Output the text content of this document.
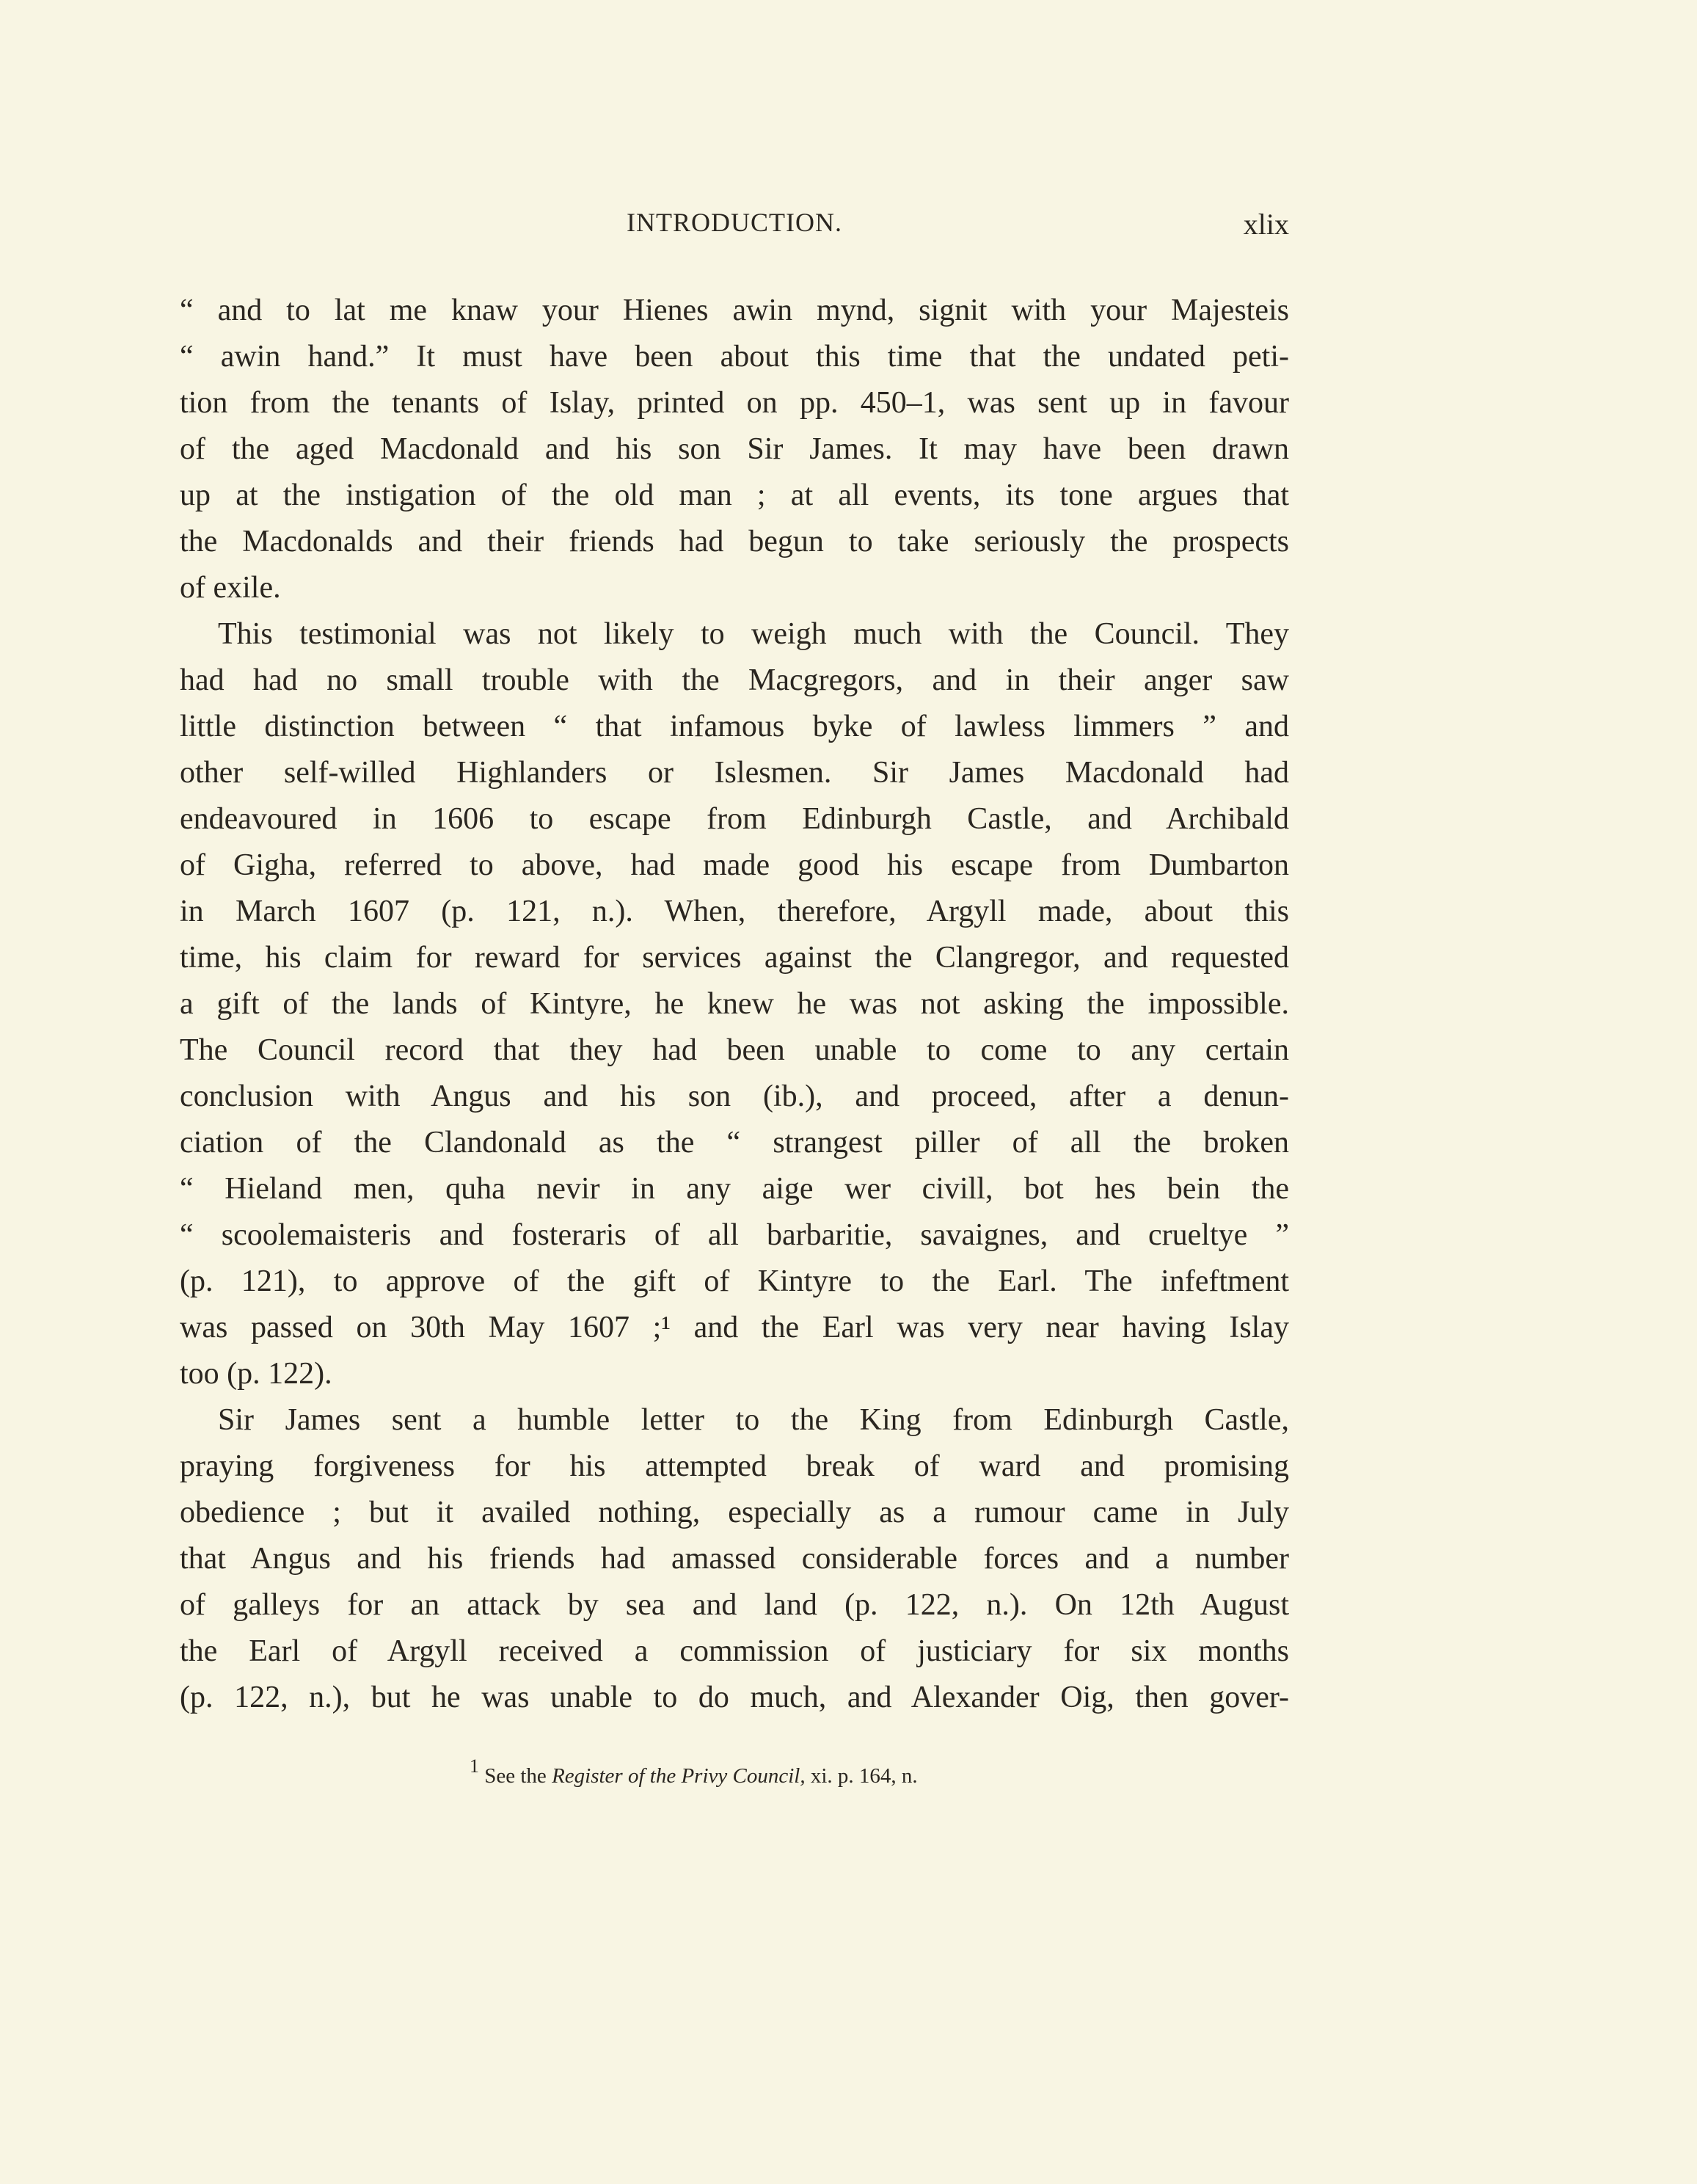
INTRODUCTION.	xlix
“ and to lat me knaw your Hienes awin mynd, signit with your Majesteis
“ awin hand.” It must have been about this time that the undated peti-
tion from the tenants of Islay, printed on pp. 450–1, was sent up in favour
of the aged Macdonald and his son Sir James. It may have been drawn
up at the instigation of the old man ; at all events, its tone argues that
the Macdonalds and their friends had begun to take seriously the prospects
of exile.
This testimonial was not likely to weigh much with the Council. They
had had no small trouble with the Macgregors, and in their anger saw
little distinction between “ that infamous byke of lawless limmers ” and
other self-willed Highlanders or Islesmen. Sir James Macdonald had
endeavoured in 1606 to escape from Edinburgh Castle, and Archibald
of Gigha, referred to above, had made good his escape from Dumbarton
in March 1607 (p. 121, n.). When, therefore, Argyll made, about this
time, his claim for reward for services against the Clangregor, and requested
a gift of the lands of Kintyre, he knew he was not asking the impossible.
The Council record that they had been unable to come to any certain
conclusion with Angus and his son (ib.), and proceed, after a denun-
ciation of the Clandonald as the “ strangest piller of all the broken
“ Hieland men, quha nevir in any aige wer civill, bot hes bein the
“ scoolemaisteris and fosteraris of all barbaritie, savaignes, and crueltye ”
(p. 121), to approve of the gift of Kintyre to the Earl. The infeftment
was passed on 30th May 1607 ;¹ and the Earl was very near having Islay
too (p. 122).
Sir James sent a humble letter to the King from Edinburgh Castle,
praying forgiveness for his attempted break of ward and promising
obedience ; but it availed nothing, especially as a rumour came in July
that Angus and his friends had amassed considerable forces and a number
of galleys for an attack by sea and land (p. 122, n.). On 12th August
the Earl of Argyll received a commission of justiciary for six months
(p. 122, n.), but he was unable to do much, and Alexander Oig, then gover-
$^1$ See the Register of the Privy Council, xi. p. 164, n.
